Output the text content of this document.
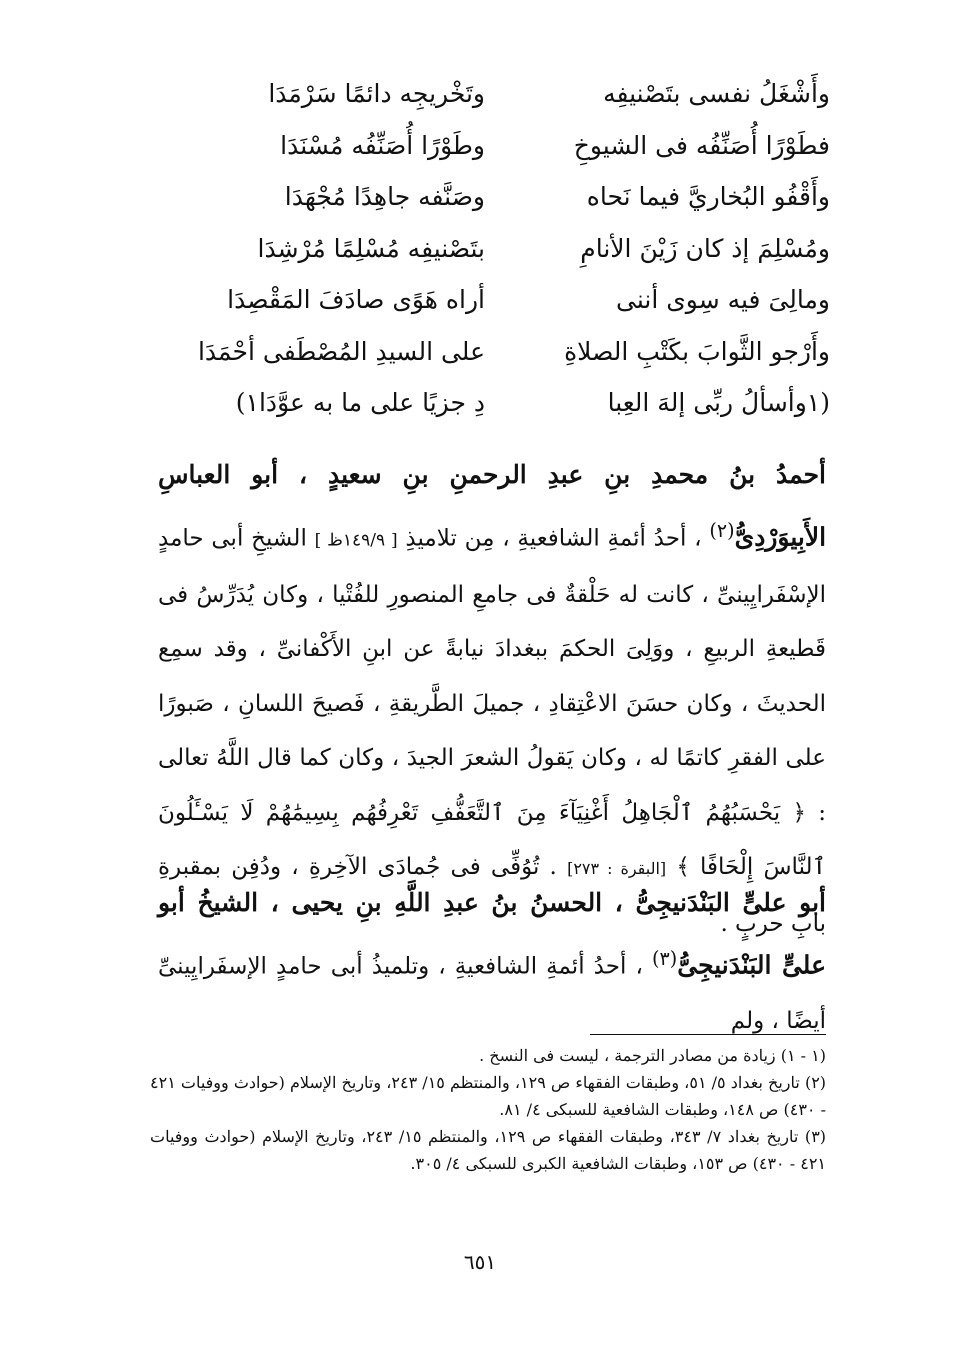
وأَشْغَلُ نفسى بتَصْنيفِه
وتَخْريجِه دائمًا سَرْمَدَا
فطَوْرًا أُصَنِّفُه فى الشيوخِ
وطَوْرًا أُصَنِّفُه مُسْنَدَا
وأَقْفُو البُخاريَّ فيما نَحاه
وصَنَّفه جاهِدًا مُجْهَدَا
ومُسْلِمَ إذ كان زَيْنَ الأنامِ
بتَصْنيفِه مُسْلِمًا مُرْشِدَا
ومالِىَ فيه سِوى أننى
أراه هَوًى صادَفَ المَقْصِدَا
وأَرْجو الثَّوابَ بكَتْبِ الصلاةِ
على السيدِ المُصْطَفى أحْمَدَا
(١وأسألُ ربِّى إلهَ العِبا
دِ جزيًا على ما به عوَّدَا١)
أحمدُ بنُ محمدِ بنِ عبدِ الرحمنِ بنِ سعيدٍ ، أبو العباسِ الأَبِيوَرْدِىُّ$^{(٢)}$ ، أحدُ أئمةِ الشافعيةِ ، مِن تلاميذِ [ ١٤٩/٩ظ ] الشيخِ أبى حامدٍ الإسْفَرايِينىِّ ، كانت له حَلْقةٌ فى جامعِ المنصورِ للفُتْيا ، وكان يُدَرِّسُ فى قَطيعةِ الربيعِ ، ووَلِىَ الحكمَ ببغدادَ نيابةً عن ابنِ الأَكْفانىِّ ، وقد سمِع الحديثَ ، وكان حسَنَ الاعْتِقادِ ، جميلَ الطَّريقةِ ، فَصيحَ اللسانِ ، صَبورًا على الفقرِ كاتمًا له ، وكان يَقولُ الشعرَ الجيدَ ، وكان كما قال اللَّهُ تعالى : ﴿ يَحْسَبُهُمُ ٱلْجَاهِلُ أَغْنِيَآءَ مِنَ ٱلتَّعَفُّفِ تَعْرِفُهُم بِسِيمَٰهُمْ لَا يَسْـَٔلُونَ ٱلنَّاسَ إِلْحَافًا ﴾ [البقرة : ٢٧٣] . تُوُفِّى فى جُمادَى الآخِرةِ ، ودُفِن بمقبرةِ بابِ حربٍ .
أبو علىٍّ البَنْدَنيجِىُّ ، الحسنُ بنُ عبدِ اللَّهِ بنِ يحيى ، الشيخُ أبو علىٍّ البَنْدَنيجِىُّ$^{(٣)}$ ، أحدُ أئمةِ الشافعيةِ ، وتلميذُ أبى حامدٍ الإسفَرايِينىِّ أيضًا ، ولم

(١ - ١) زيادة من مصادر الترجمة ، ليست فى النسخ .

(٢) تاريخ بغداد ٥/ ٥١، وطبقات الفقهاء ص ١٢٩، والمنتظم ١٥/ ٢٤٣، وتاريخ الإسلام (حوادث ووفيات ٤٢١ - ٤٣٠) ص ١٤٨، وطبقات الشافعية للسبكى ٤/ ٨١.

(٣) تاريخ بغداد ٧/ ٣٤٣، وطبقات الفقهاء ص ١٢٩، والمنتظم ١٥/ ٢٤٣، وتاريخ الإسلام (حوادث ووفيات ٤٢١ - ٤٣٠) ص ١٥٣، وطبقات الشافعية الكبرى للسبكى ٤/ ٣٠٥.

٦٥١
